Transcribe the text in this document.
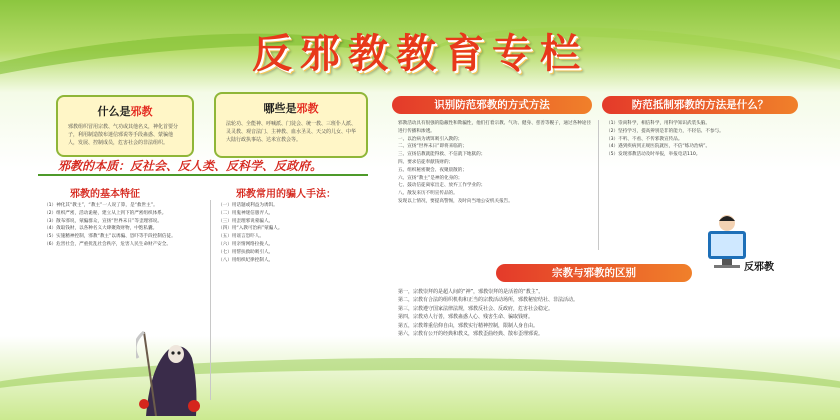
反邪教教育专栏
什么是邪教
邪教组织冒用宗教、气功或其他名义，神化首要分子，利用制造散布迷信邪说等手段蛊惑、蒙骗他人，发展、控制成员，危害社会的非法组织。
哪些是邪教
法轮功、全能神、呼喊派、门徒会、统一教、三班仆人派、灵灵教、观音法门、主神教、血水圣灵、天父的儿女、中华大陆行政执事站、达米宣教会等。
邪教的本质：反社会、反人类、反科学、反政府。
邪教的基本特征	邪教常用的骗人手法：

（1）神化其“教主”，“教主”一人说了算，是“救世主”。

（2）组织严密，活动诡秘，建立从上到下的严密组织体系。

（3）散布邪说，蒙骗群众，宣扬“世界末日”等歪理邪说。

（4）敛取钱财，以各种名义大肆聚敛财物，中饱私囊。

（5）实施精神控制，邪教“教主”以诱骗、恐吓等手段控制信徒。

（6）危害社会，严重扰乱社会秩序，危害人民生命财产安全。

（一）用话题或利益为诱饵。

（二）用鬼神迷信愚弄人。

（三）用歪理邪说蒙骗人。

（四）用“入教可治病”蒙骗人。

（五）用谣言恐吓人。

（六）用亲情网络拉拢人。

（七）用帮扶救助吸引人。

（八）用组织纪律控制人。

识别防范邪教的方式方法	防范抵制邪教的方法是什么？

邪教活动具有很强的隐蔽性和欺骗性，他们打着宗教、气功、健身、慈善等幌子，通过各种途径进行传播和渗透。

一、以治病为诱饵吸引入教的；

二、宣扬“世界末日”即将来临的；

三、宣扬信教就能得救、不信就下地狱的；

四、要求信徒奉献钱财的；

五、组织秘密聚会、夜聚晨散的；

六、宣扬“教主”是神的化身的；

七、鼓动信徒离家出走、放弃工作学业的；

八、散发来历不明宣传品的。

发现以上情况，要提高警惕，及时向当地公安机关报告。

（1）崇尚科学，相信科学，用科学知识武装头脑。

（2）坚持学习，提高辨别是非的能力，不轻信、不参与。

（3）不听、不看、不传邪教宣传品。

（4）遇到疾病到正规医院就医，不信“练功治病”。

（5）发现邪教活动及时举报，举报电话110。

反邪教
宗教与邪教的区别

第一，宗教崇拜的是超人间的“神”，邪教崇拜的是活着的“教主”。

第二，宗教有合法的组织机构和正当的宗教活动场所，邪教秘密结社、非法活动。

第三，宗教遵守国家法律法规，邪教反社会、反政府，危害社会稳定。

第四，宗教劝人行善，邪教蛊惑人心、残害生命、骗取钱财。

第五，宗教尊重信仰自由，邪教实行精神控制，限制人身自由。

第六，宗教有公开的经典和教义，邪教歪曲经典、散布歪理邪说。
